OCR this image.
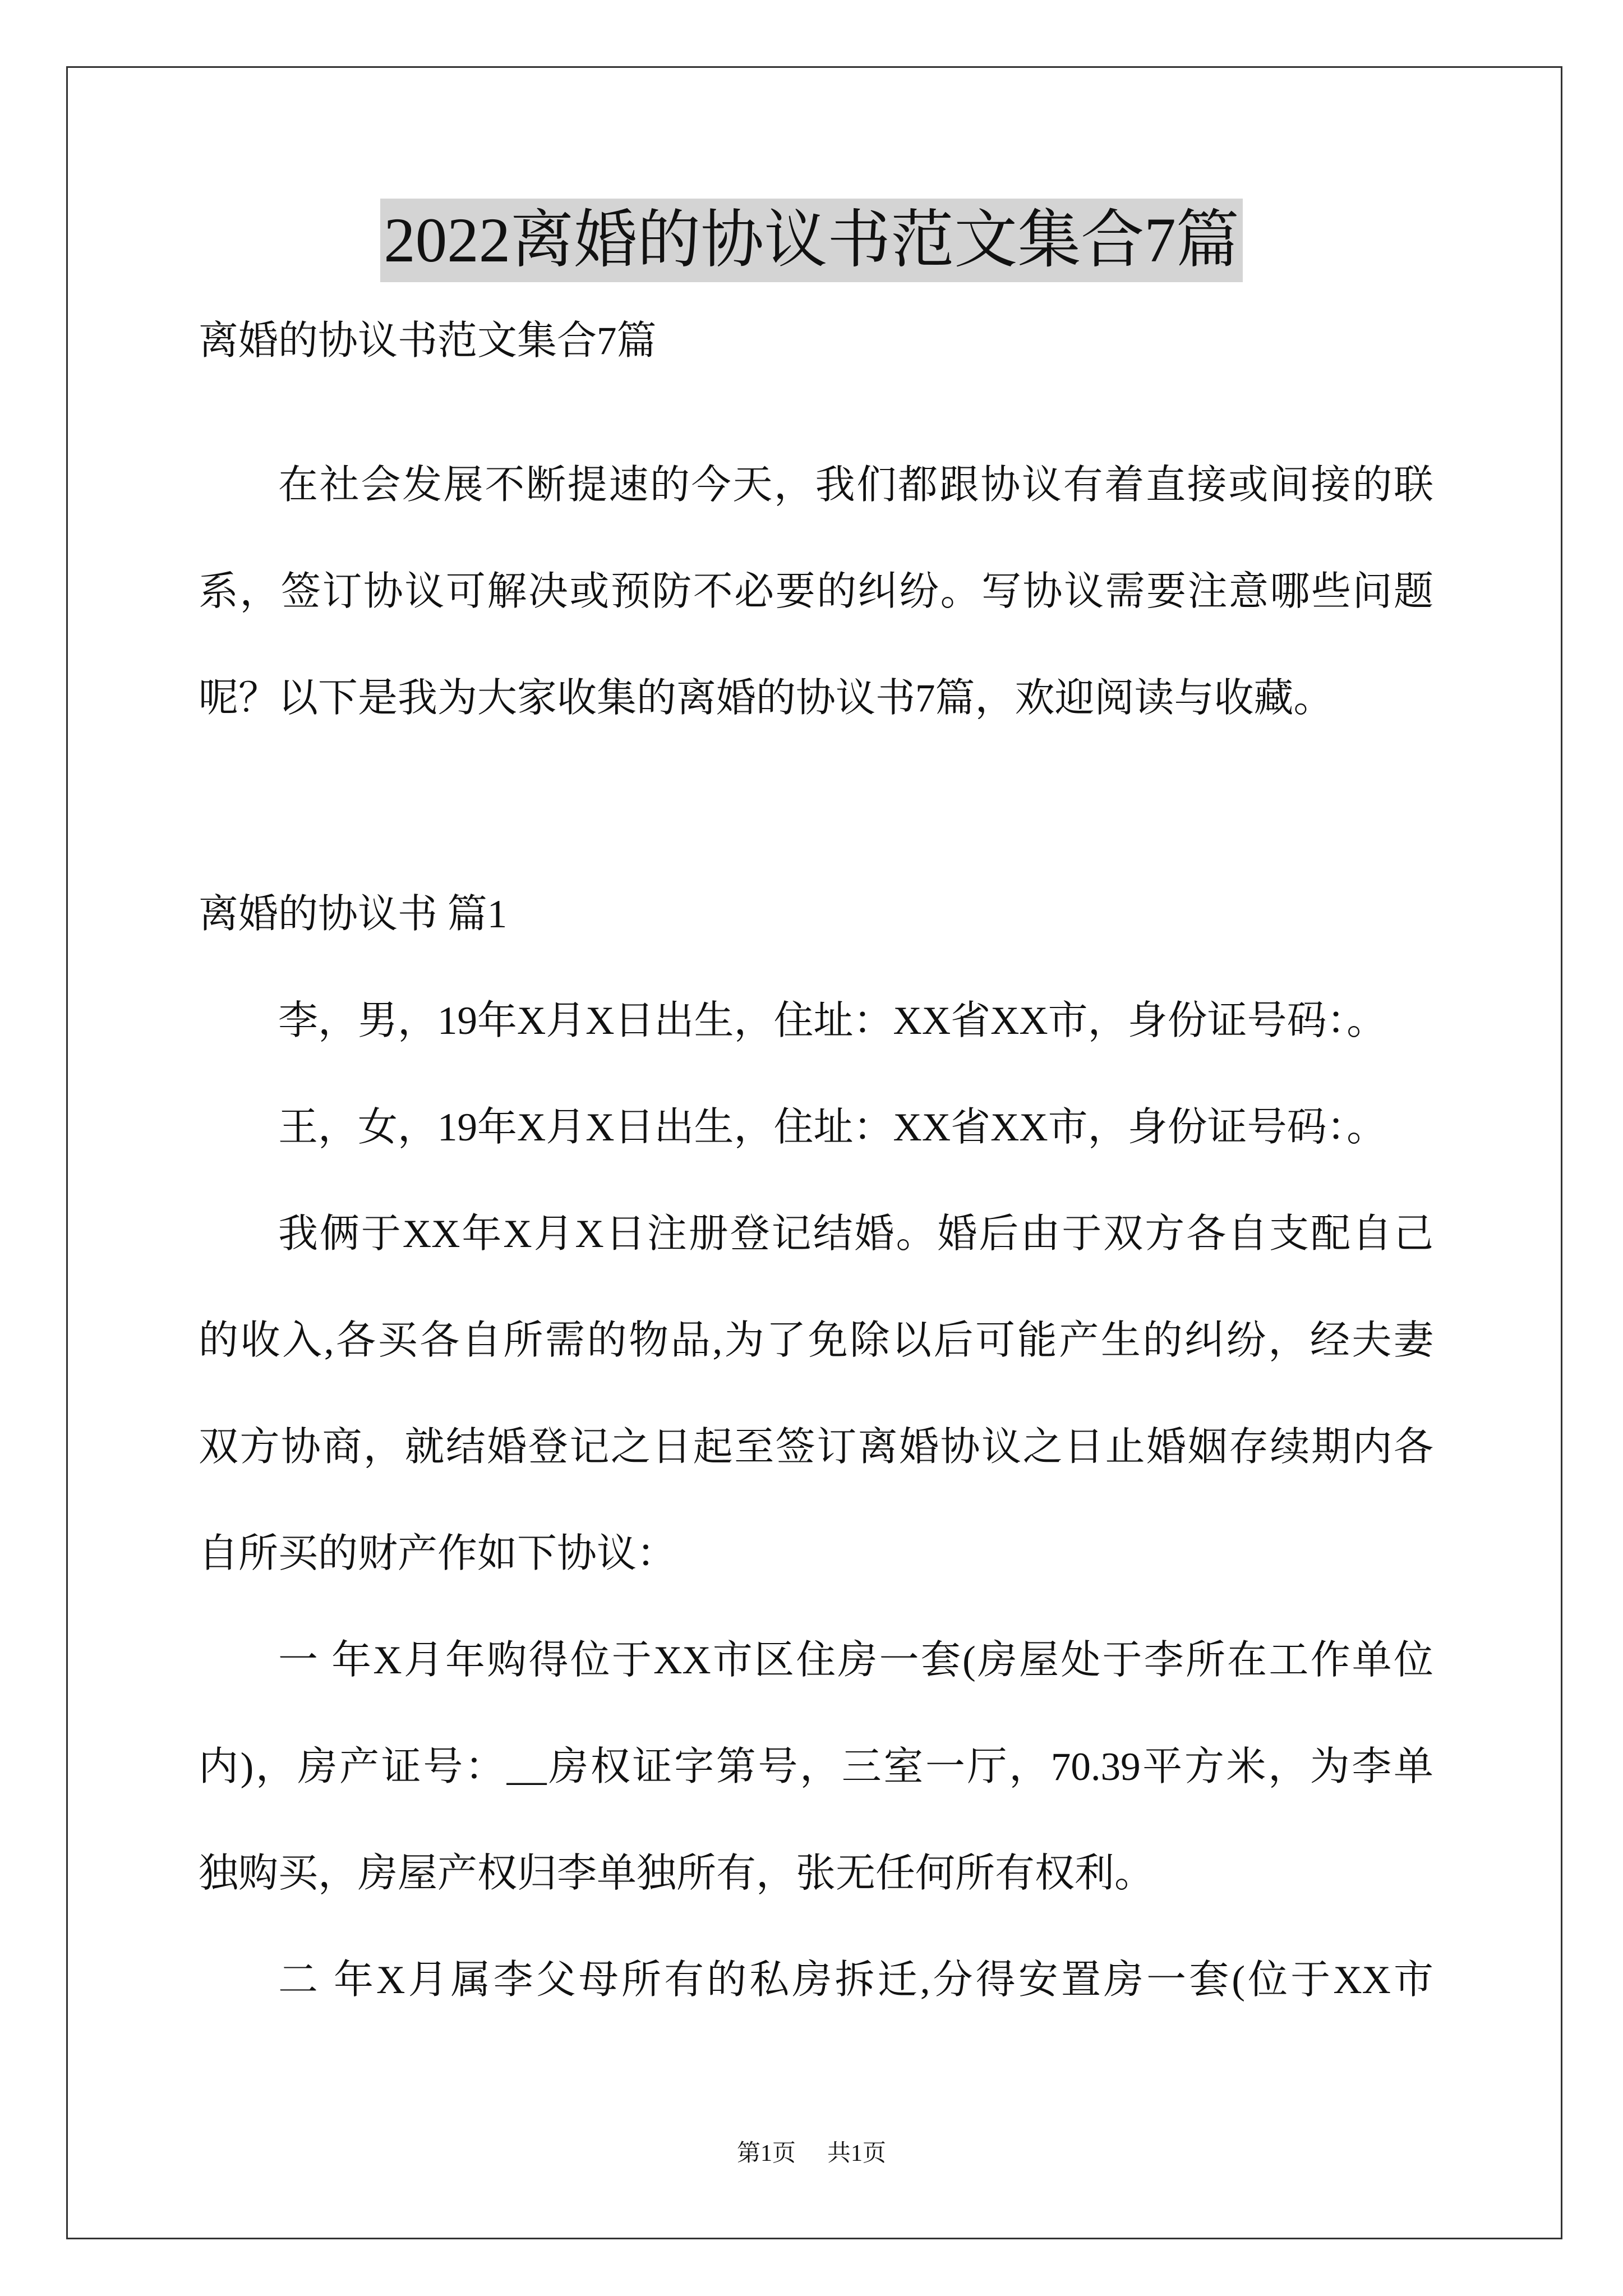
2022离婚的协议书范文集合7篇
离婚的协议书范文集合7篇
在社会发展不断提速的今天，我们都跟协议有着直接或间接的联
系，签订协议可解决或预防不必要的纠纷。写协议需要注意哪些问题
呢？以下是我为大家收集的离婚的协议书7篇，欢迎阅读与收藏。
离婚的协议书 篇1
李，男，19年X月X日出生，住址：XX省XX市，身份证号码：。
王，女，19年X月X日出生，住址：XX省XX市，身份证号码：。
我俩于XX年X月X日注册登记结婚。婚后由于双方各自支配自己
的收入,各买各自所需的物品,为了免除以后可能产生的纠纷，经夫妻
双方协商，就结婚登记之日起至签订离婚协议之日止婚姻存续期内各
自所买的财产作如下协议：
一 年X月年购得位于XX市区住房一套(房屋处于李所在工作单位
内)，房产证号：__房权证字第号，三室一厅，70.39平方米，为李单
独购买，房屋产权归李单独所有，张无任何所有权利。
二 年X月属李父母所有的私房拆迁,分得安置房一套(位于XX市
第1页 共1页
